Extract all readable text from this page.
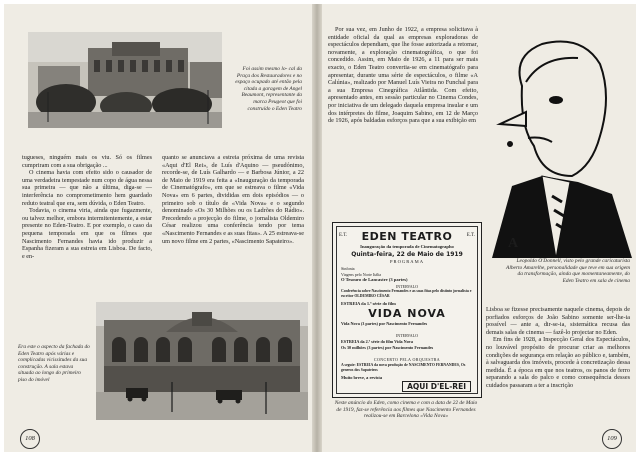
Foi assim mesmo lo- cal da Praça dos Restauradores e no espaço ocupado até então pela citada a garagem de Angel Beaumont, representante da marca Peugeot que foi construído o Eden Teatro

tugueses, ninguém mais os viu. Só os filmes cumpriram com a sua obrigação ...

O cinema havia com efeito sido o causador de uma verdadeira tempestade num copo de água nessa sua primeira — que não a última, diga-se — interferência no comprometimento hem guardado reduto teatral que era, sem dúvida, o Eden Teatro.

Todavia, o cinema viria, ainda que fugazmente, ou talvez melhor, embora intermitentemente, a estar presente no Eden-Teatro. E por exemplo, o caso da pequena temporada em que os filmes que Nascimento Fernandes havia ido produzir a Espanha fizeram a sua estreia em Lisboa. De facto, e en-

quanto se anunciava a estreia próxima de uma revista «Aqui d'El Rei», de Luís d'Aquino — pseudónimo, recorde-se, de Luís Galhardo — e Barbosa Júnior, a 22 de Maio de 1919 era feita a «Inauguração da temporada de Cinematógrafo», em que se estreava o filme «Vida Nova» em 6 partes, divididas em dois episódios — o primeiro sob o título de «Vida Nova» e o segundo denominado «Os 30 Milhões ou os Ladrões do Rádio». Precedendo a projecção do filme, o jornalista Oldemiro César realizou uma conferência tendo por tema «Nascimento Fernandes e as suas fitas». A 25 estreava-se um novo filme em 2 partes, «Nascimento Sapateiro».

Era este o aspecto da fachada do Eden Teatro após várias e complicadas vicissitudes da sua construção. A sala estava situada ao longo do primeiro piso do imóvel
108

Por sua vez, em Junho de 1922, a empresa solicitava à entidade oficial da qual as empresas exploradoras de espectáculos dependiam, que lhe fosse autorizada a retomar, novamente, a exploração cinematográfica, o que foi concedido. Assim, em Maio de 1926, a 11 para ser mais exacto, o Eden Teatro convertia-se em cinematógrafo para apresentar, durante uma série de espectáculos, o filme «A Calúnia», realizado por Manuel Luís Vieira no Funchal para a sua Empresa Cinegráfica Atlântida. Com efeito, apresentado antes, em sessão particular no Cinema Condes, por iniciativa de um delegado daquela empresa insular e um dos intérpretes do filme, Joaquim Sabino, em 12 de Março de 1926, após baldadas esforços para que a sua exibição em

A
Leopoldo O'Donnell, visto pelo grande caricaturista Alberto Amarelhe, personalidade que teve em sua origem da transformação, ainda que momentaneamente, do Eden Teatro em sala de cinema
E.T.	E.T.
EDEN TEATRO
Inauguração da temporada de Cinematographo
Quinta-feira, 22 de Maio de 1919
PROGRAMA
Sinfonia
Viagens pelo Norte Itália
O Tesouro de Lancastre (3 partes)
INTERVALO
Conferência sobre Nascimento Fernandes e as suas fitas pelo distinto jornalista e escritor OLDEMIRO CÉSAR
ESTREIA da 1.ª série do film
VIDA NOVA
Vida Nova (3 partes) por Nascimento Fernandes
INTERVALO
ESTREIA da 2.ª série do film Vida Nova
Os 30 milhões (3 partes) por Nascimento Fernandes
CONCERTO PELA ORQUESTRA
A seguir: ESTREIA da nova produção de NASCIMENTO FERNANDES, Os generos dos Sapateiros
Muito breve, a revista
AQUI D'EL-REI
Neste anúncio do Eden, como cinema e com a data de 22 de Maio de 1919, faz-se referência aos filmes que Nascimento Fernandes realizou-se em Barcelona «Vida Nova»

Lisboa se fizesse precisamente naquele cinema, depois de porfiados esforços de João Sabino somente ser-lhe-ia possível — ante a, dir-se-ia, sistemática recusa das demais salas de cinema — fazê-lo projectar no Eden.

Em fins de 1928, a Inspecção Geral dos Espectáculos, no louvável propósito de procurar criar as melhores condições de segurança em relação ao público e, também, à salvaguarda dos imóveis, procede à concretização dessa medida. É a época em que nos teatros, os panos de ferro separando a sala do palco e como consequência desses cuidados passaram a ter a inscrição

109
